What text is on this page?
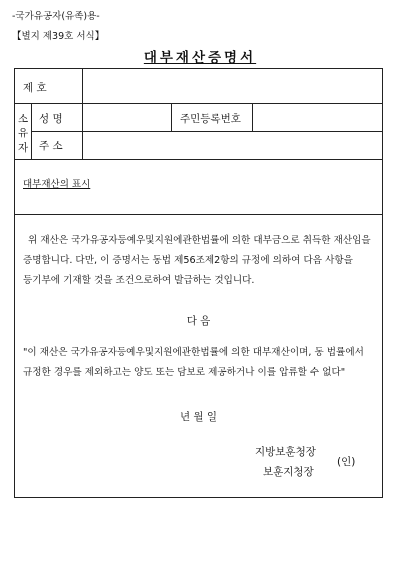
-국가유공자(유족)용-
【별지 제39호 서식】
대부재산증명서
제 호
소
유
자
성 명	주민등록번호
주 소
대부재산의 표시
위 재산은 국가유공자등예우및지원에관한법률에 의한 대부금으로 취득한 재산임을
증명합니다. 다만, 이 증명서는 동법 제56조제2항의 규정에 의하여 다음 사항을
등기부에 기재할 것을 조건으로하여 발급하는 것입니다.
다 음
"이 재산은 국가유공자등예우및지원에관한법률에 의한 대부재산이며, 동 법률에서
규정한 경우를 제외하고는 양도 또는 담보로 제공하거나 이를 압류할 수 없다"
년 월 일
지방보훈청장
보훈지청장
(인)
